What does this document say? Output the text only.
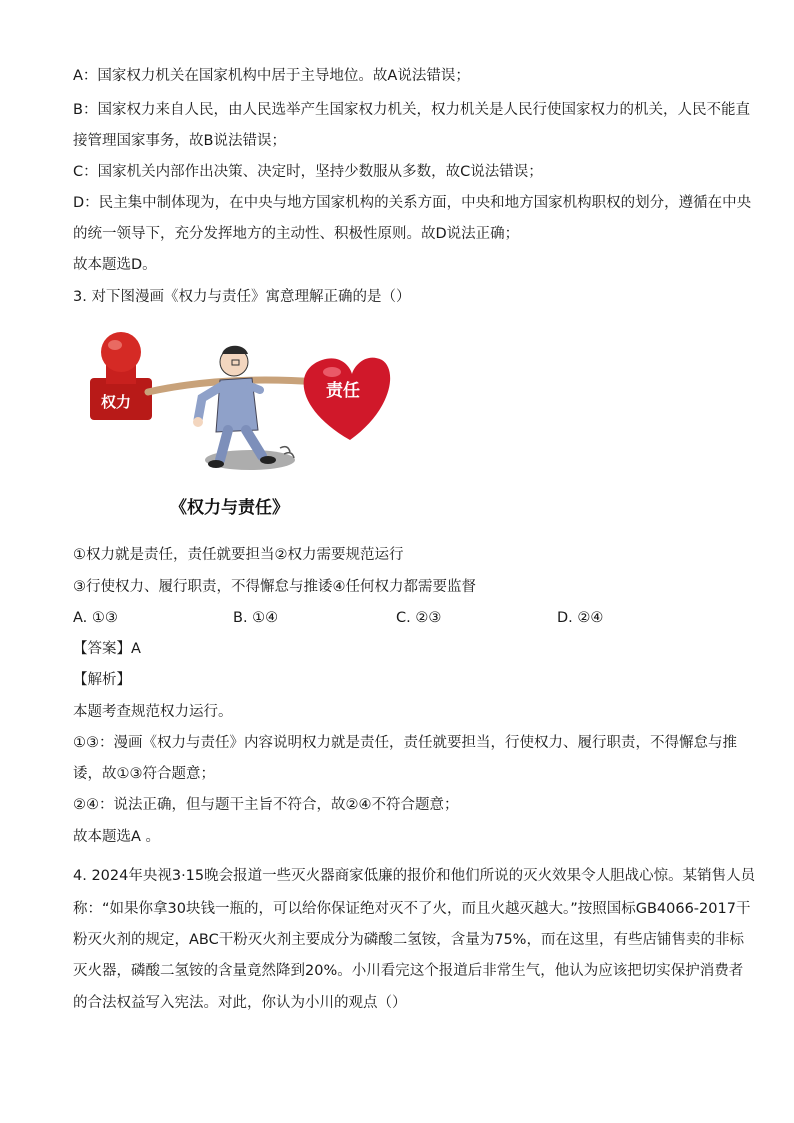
A：国家权力机关在国家机构中居于主导地位。故A说法错误；
B：国家权力来自人民，由人民选举产生国家权力机关，权力机关是人民行使国家权力的机关，人民不能直
接管理国家事务，故B说法错误；
C：国家机关内部作出决策、决定时，坚持少数服从多数，故C说法错误；
D：民主集中制体现为，在中央与地方国家机构的关系方面，中央和地方国家机构职权的划分，遵循在中央
的统一领导下，充分发挥地方的主动性、积极性原则。故D说法正确；
故本题选D。
3. 对下图漫画《权力与责任》寓意理解正确的是（）
权力
责任
《权力与责任》
①权力就是责任，责任就要担当②权力需要规范运行
③行使权力、履行职责，不得懈怠与推诿④任何权力都需要监督
A. ①③	B. ①④	C. ②③	D. ②④
【答案】A
【解析】
本题考查规范权力运行。
①③：漫画《权力与责任》内容说明权力就是责任，责任就要担当，行使权力、履行职责，不得懈怠与推
诿，故①③符合题意；
②④：说法正确，但与题干主旨不符合，故②④不符合题意；
故本题选A 。
4. 2024年央视3·15晚会报道一些灭火器商家低廉的报价和他们所说的灭火效果令人胆战心惊。某销售人员
称：“如果你拿30块钱一瓶的，可以给你保证绝对灭不了火，而且火越灭越大。”按照国标GB4066-2017干
粉灭火剂的规定，ABC干粉灭火剂主要成分为磷酸二氢铵，含量为75%，而在这里，有些店铺售卖的非标
灭火器，磷酸二氢铵的含量竟然降到20%。小川看完这个报道后非常生气，他认为应该把切实保护消费者
的合法权益写入宪法。对此，你认为小川的观点（）
